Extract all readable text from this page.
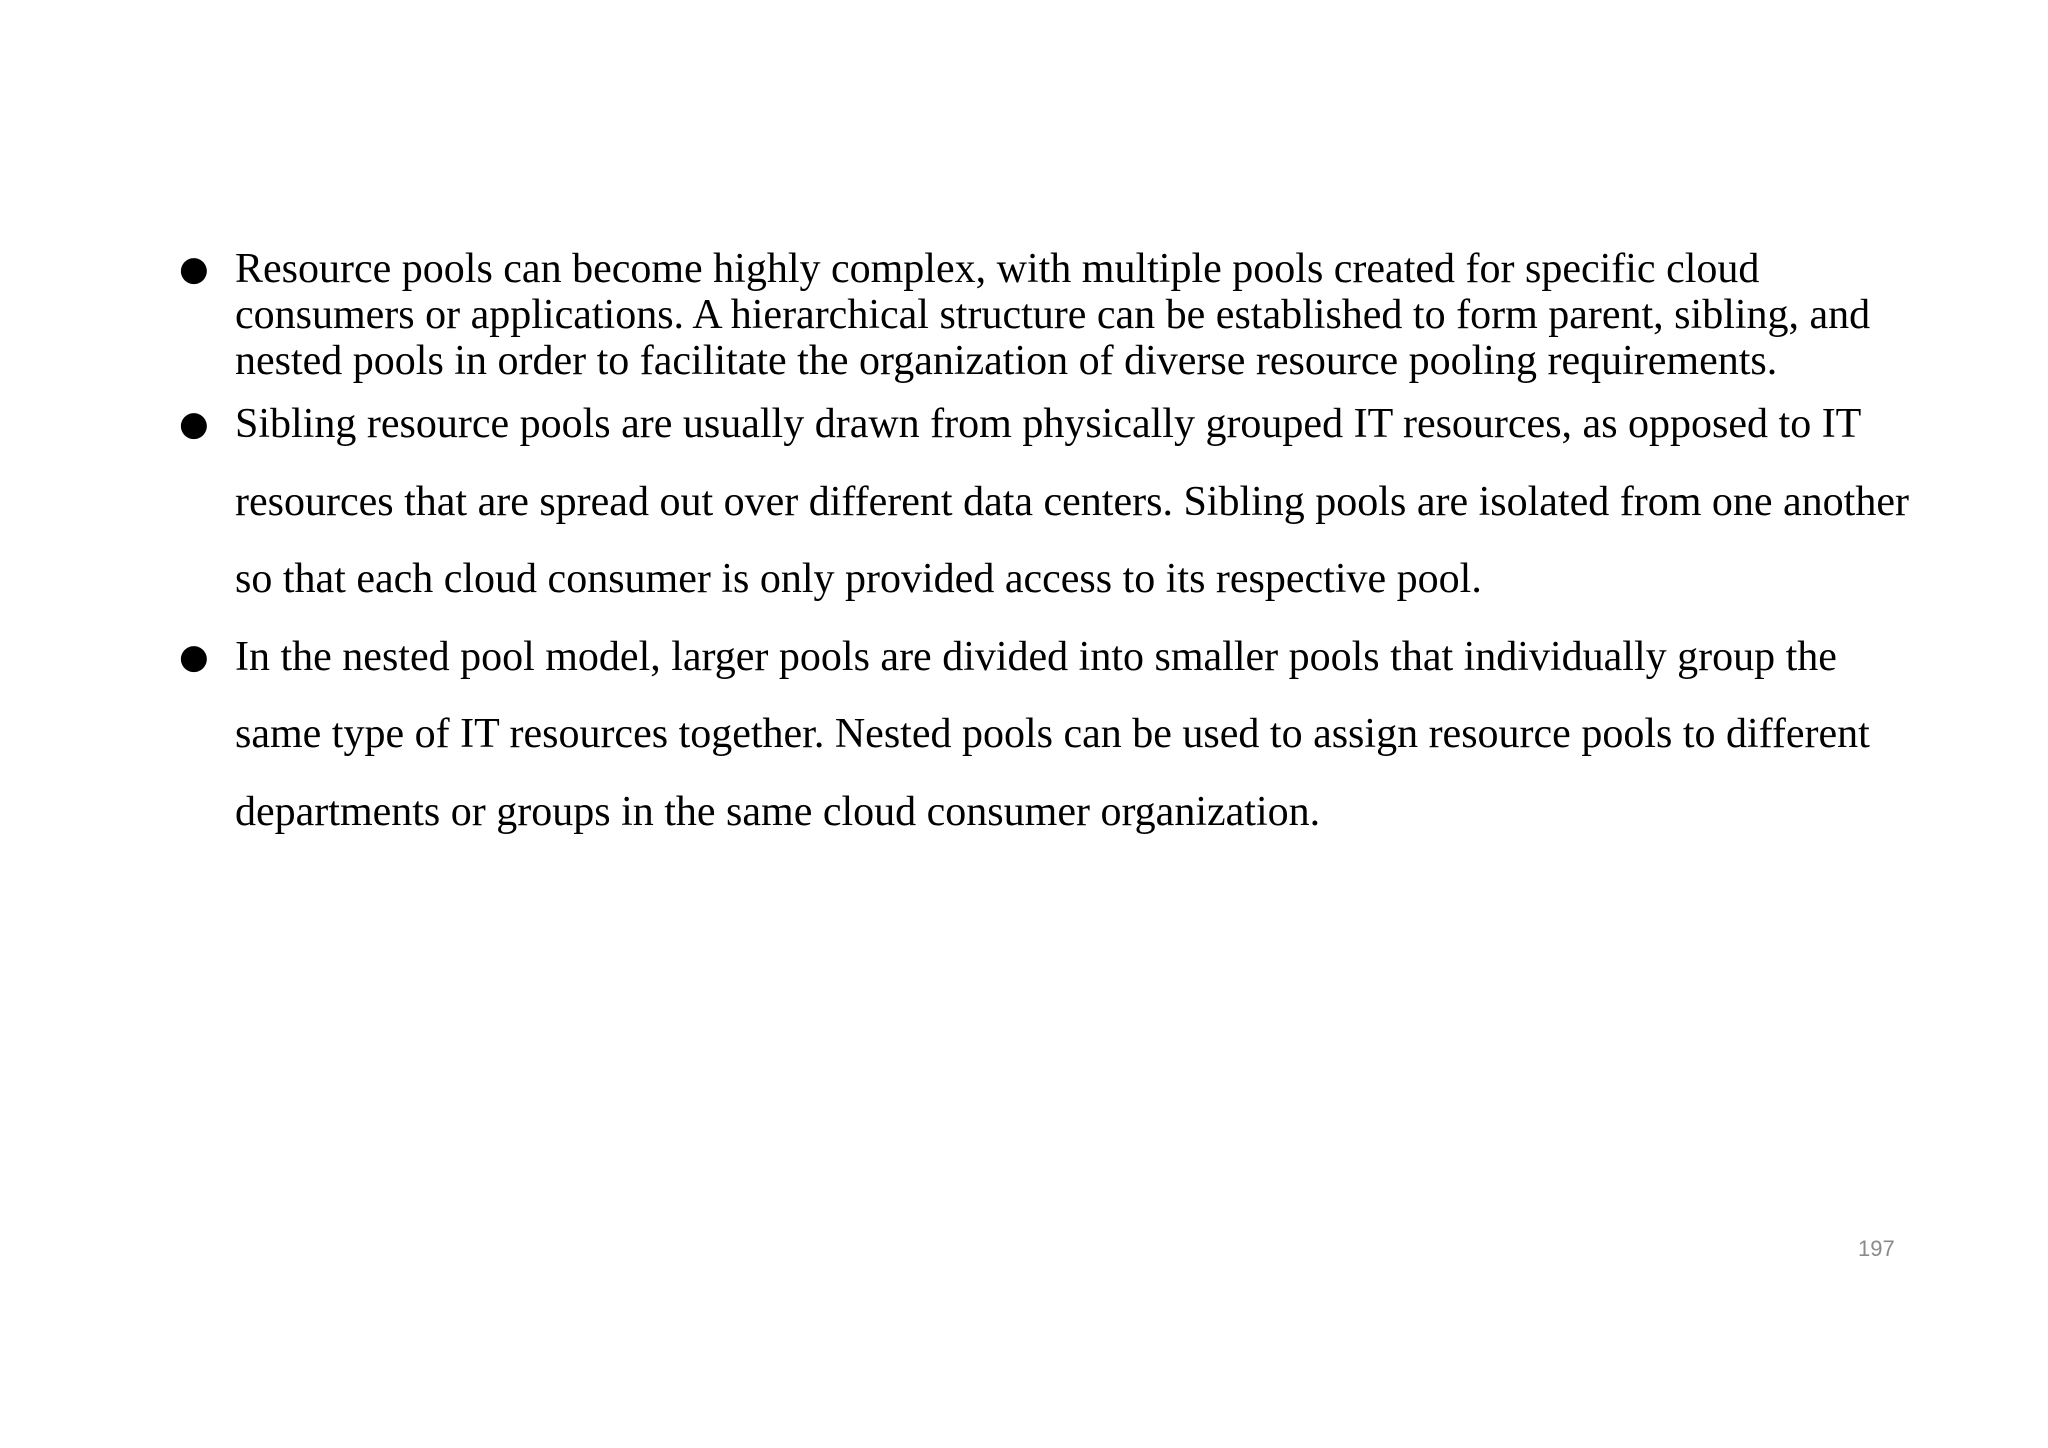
● Resource pools can become highly complex, with multiple pools created for specific cloud consumers or applications. A hierarchical structure can be established to form parent, sibling, and nested pools in order to facilitate the organization of diverse resource pooling requirements.
● Sibling resource pools are usually drawn from physically grouped IT resources, as opposed to IT resources that are spread out over different data centers. Sibling pools are isolated from one another so that each cloud consumer is only provided access to its respective pool.
● In the nested pool model, larger pools are divided into smaller pools that individually group the same type of IT resources together. Nested pools can be used to assign resource pools to different departments or groups in the same cloud consumer organization.
197
